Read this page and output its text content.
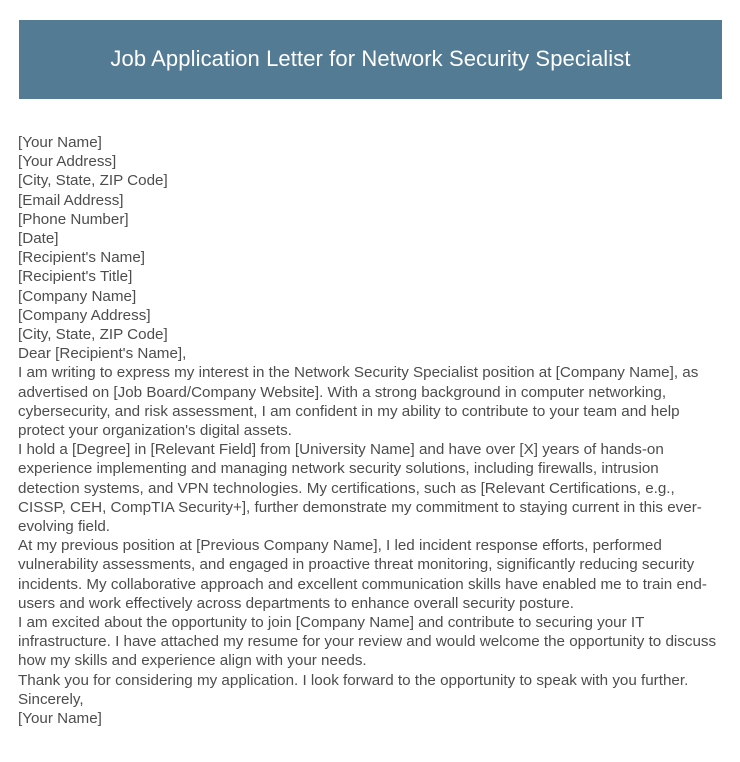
Job Application Letter for Network Security Specialist
[Your Name]
[Your Address]
[City, State, ZIP Code]
[Email Address]
[Phone Number]
[Date]
[Recipient's Name]
[Recipient's Title]
[Company Name]
[Company Address]
[City, State, ZIP Code]
Dear [Recipient's Name],
I am writing to express my interest in the Network Security Specialist position at [Company Name], as advertised on [Job Board/Company Website]. With a strong background in computer networking, cybersecurity, and risk assessment, I am confident in my ability to contribute to your team and help protect your organization's digital assets.
I hold a [Degree] in [Relevant Field] from [University Name] and have over [X] years of hands-on experience implementing and managing network security solutions, including firewalls, intrusion detection systems, and VPN technologies. My certifications, such as [Relevant Certifications, e.g., CISSP, CEH, CompTIA Security+], further demonstrate my commitment to staying current in this ever-evolving field.
At my previous position at [Previous Company Name], I led incident response efforts, performed vulnerability assessments, and engaged in proactive threat monitoring, significantly reducing security incidents. My collaborative approach and excellent communication skills have enabled me to train end-users and work effectively across departments to enhance overall security posture.
I am excited about the opportunity to join [Company Name] and contribute to securing your IT infrastructure. I have attached my resume for your review and would welcome the opportunity to discuss how my skills and experience align with your needs.
Thank you for considering my application. I look forward to the opportunity to speak with you further.
Sincerely,
[Your Name]
